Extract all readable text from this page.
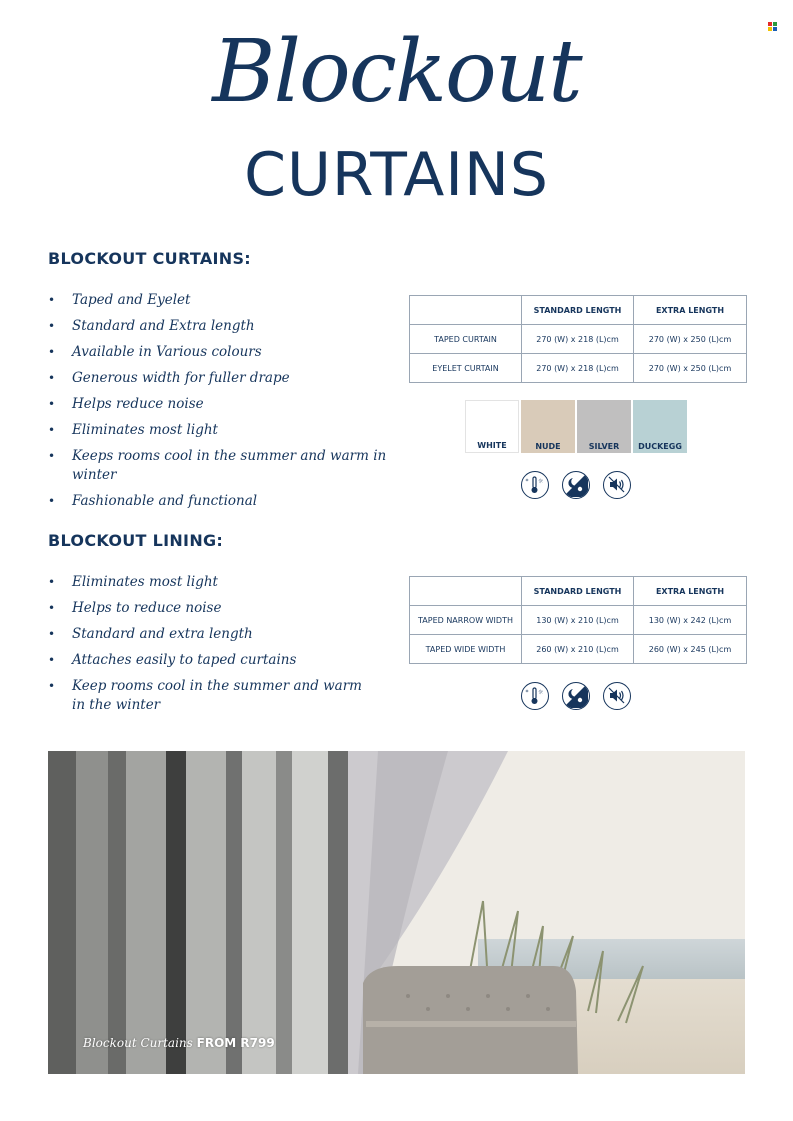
Blockout
CURTAINS
BLOCKOUT CURTAINS:
• Taped and Eyelet
• Standard and Extra length
• Available in Various colours
• Generous width for fuller drape
• Helps reduce noise
• Eliminates most light
• Keeps rooms cool in the summer and warm in winter
• Fashionable and functional
	STANDARD LENGTH	EXTRA LENGTH
TAPED CURTAIN	270 (W) x 218 (L)cm	270 (W) x 250 (L)cm
EYELET CURTAIN	270 (W) x 218 (L)cm	270 (W) x 250 (L)cm
WHITE	NUDE	SILVER	DUCKEGG
* ☼
BLOCKOUT LINING:
• Eliminates most light
• Helps to reduce noise
• Standard and extra length
• Attaches easily to taped curtains
• Keep rooms cool in the summer and warm in the winter
	STANDARD LENGTH	EXTRA LENGTH
TAPED NARROW WIDTH	130 (W) x 210 (L)cm	130 (W) x 242 (L)cm
TAPED WIDE WIDTH	260 (W) x 210 (L)cm	260 (W) x 245 (L)cm
* ☼
Blockout Curtains FROM R799
